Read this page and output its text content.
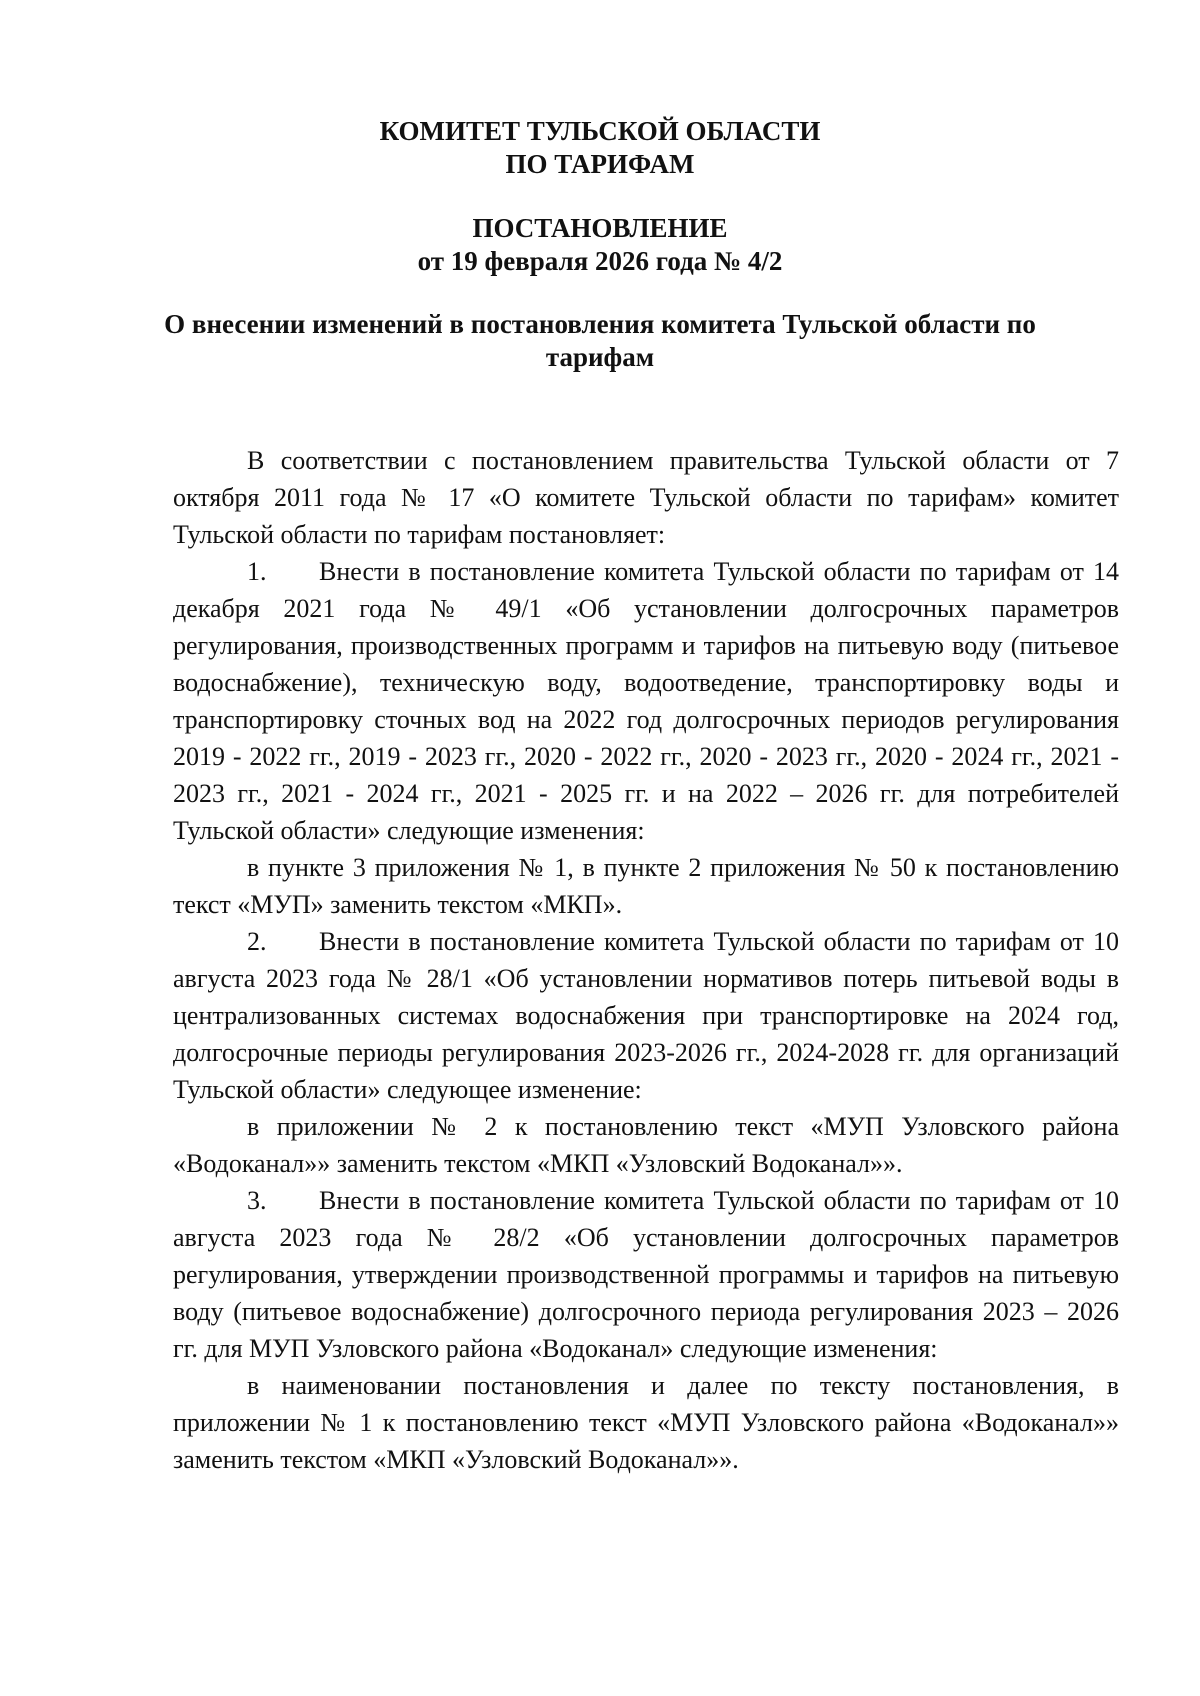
КОМИТЕТ ТУЛЬСКОЙ ОБЛАСТИ
ПО ТАРИФАМ
ПОСТАНОВЛЕНИЕ
от 19 февраля 2026 года № 4/2
О внесении изменений в постановления комитета Тульской области по
тарифам

В соответствии с постановлением правительства Тульской области от 7 октября 2011 года № 17 «О комитете Тульской области по тарифам» комитет Тульской области по тарифам постановляет:

1. Внести в постановление комитета Тульской области по тарифам от 14 декабря 2021 года № 49/1 «Об установлении долгосрочных параметров регулирования, производственных программ и тарифов на питьевую воду (питьевое водоснабжение), техническую воду, водоотведение, транспортировку воды и транспортировку сточных вод на 2022 год долгосрочных периодов регулирования 2019 - 2022 гг., 2019 - 2023 гг., 2020 - 2022 гг., 2020 - 2023 гг., 2020 - 2024 гг., 2021 - 2023 гг., 2021 - 2024 гг., 2021 - 2025 гг. и на 2022 – 2026 гг. для потребителей Тульской области» следующие изменения:

в пункте 3 приложения № 1, в пункте 2 приложения № 50 к постановлению текст «МУП» заменить текстом «МКП».

2. Внести в постановление комитета Тульской области по тарифам от 10 августа 2023 года № 28/1 «Об установлении нормативов потерь питьевой воды в централизованных системах водоснабжения при транспортировке на 2024 год, долгосрочные периоды регулирования 2023-2026 гг., 2024-2028 гг. для организаций Тульской области» следующее изменение:

в приложении № 2 к постановлению текст «МУП Узловского района «Водоканал»» заменить текстом «МКП «Узловский Водоканал»».

3. Внести в постановление комитета Тульской области по тарифам от 10 августа 2023 года № 28/2 «Об установлении долгосрочных параметров регулирования, утверждении производственной программы и тарифов на питьевую воду (питьевое водоснабжение) долгосрочного периода регулирования 2023 – 2026 гг. для МУП Узловского района «Водоканал» следующие изменения:

в наименовании постановления и далее по тексту постановления, в приложении № 1 к постановлению текст «МУП Узловского района «Водоканал»» заменить текстом «МКП «Узловский Водоканал»».
